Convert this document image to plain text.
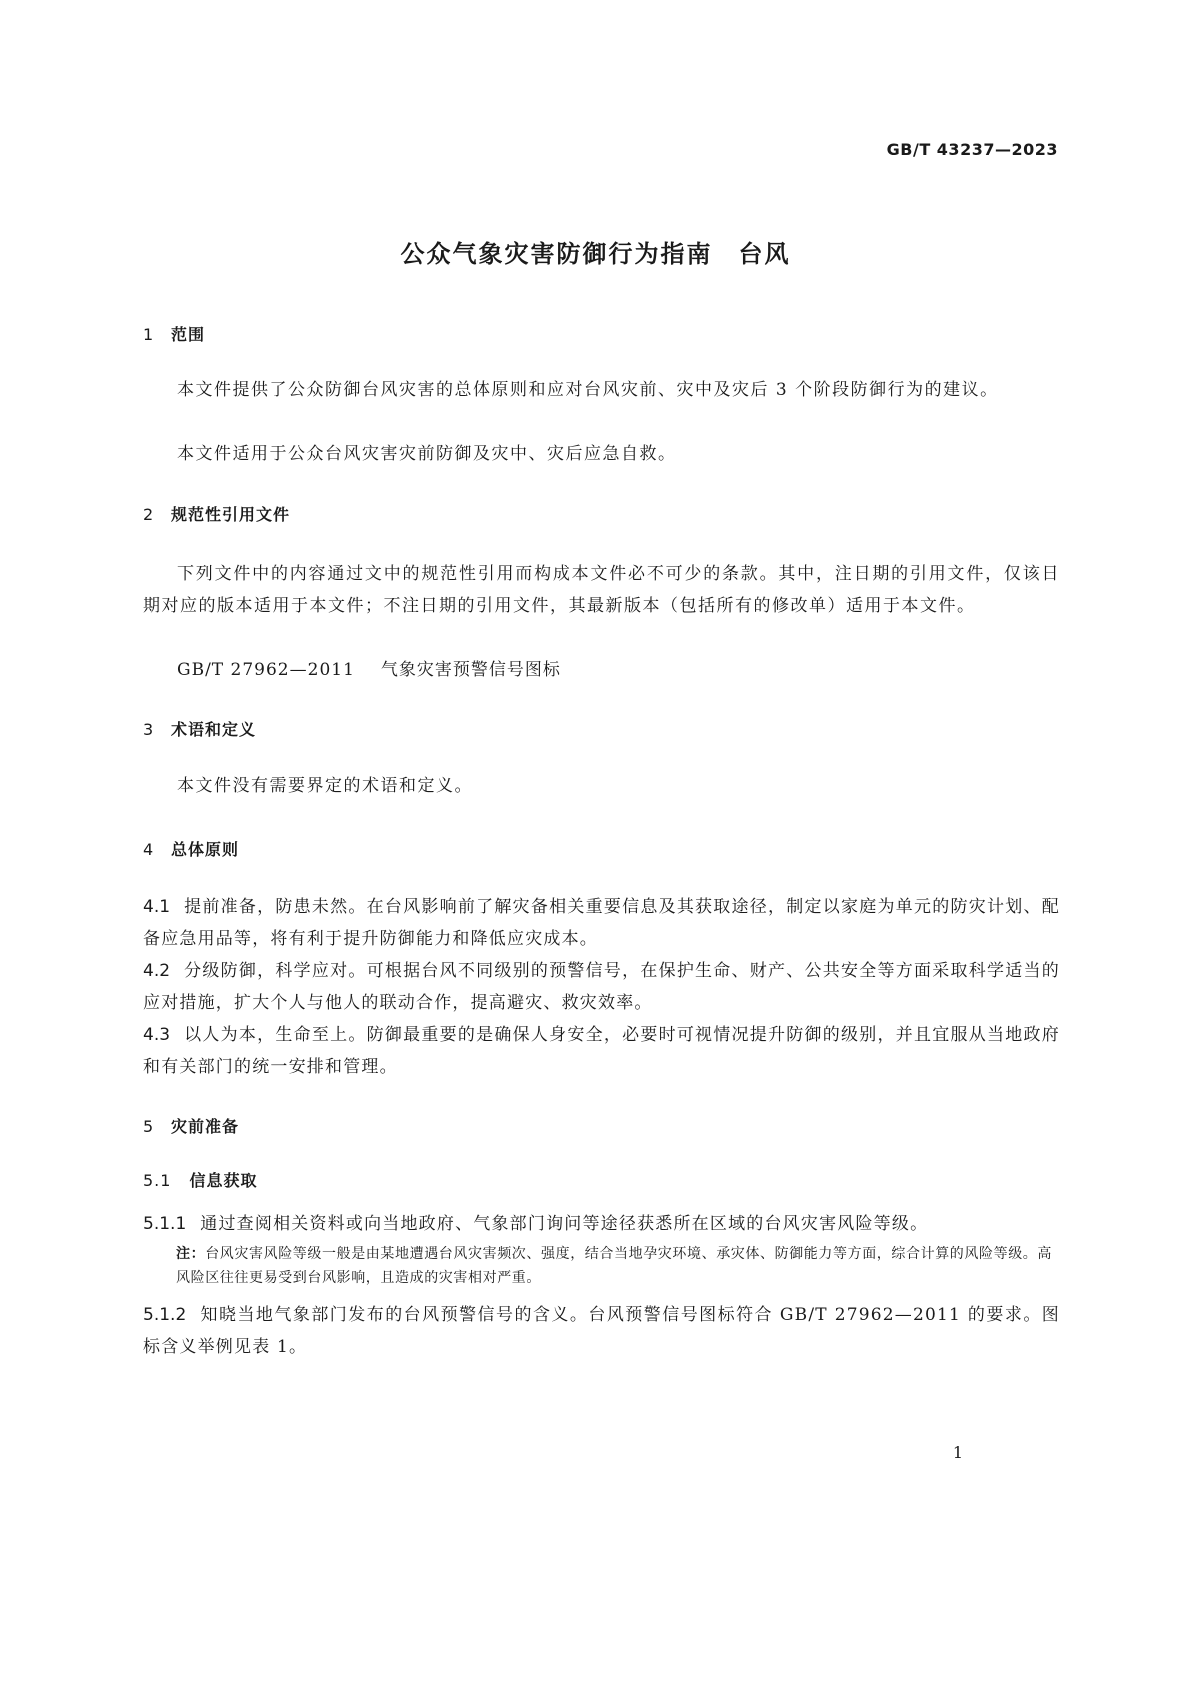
GB/T 43237—2023
公众气象灾害防御行为指南　台风
1 范围
本文件提供了公众防御台风灾害的总体原则和应对台风灾前、灾中及灾后 3 个阶段防御行为的建议。
本文件适用于公众台风灾害灾前防御及灾中、灾后应急自救。
2 规范性引用文件
下列文件中的内容通过文中的规范性引用而构成本文件必不可少的条款。其中，注日期的引用文件，仅该日期对应的版本适用于本文件；不注日期的引用文件，其最新版本（包括所有的修改单）适用于本文件。
GB/T 27962—2011 气象灾害预警信号图标
3 术语和定义
本文件没有需要界定的术语和定义。
4 总体原则
4.1 提前准备，防患未然。在台风影响前了解灾备相关重要信息及其获取途径，制定以家庭为单元的防灾计划、配备应急用品等，将有利于提升防御能力和降低应灾成本。
4.2 分级防御，科学应对。可根据台风不同级别的预警信号，在保护生命、财产、公共安全等方面采取科学适当的应对措施，扩大个人与他人的联动合作，提高避灾、救灾效率。
4.3 以人为本，生命至上。防御最重要的是确保人身安全，必要时可视情况提升防御的级别，并且宜服从当地政府和有关部门的统一安排和管理。
5 灾前准备
5.1 信息获取
5.1.1 通过查阅相关资料或向当地政府、气象部门询问等途径获悉所在区域的台风灾害风险等级。
注：台风灾害风险等级一般是由某地遭遇台风灾害频次、强度，结合当地孕灾环境、承灾体、防御能力等方面，综合计算的风险等级。高风险区往往更易受到台风影响，且造成的灾害相对严重。
5.1.2 知晓当地气象部门发布的台风预警信号的含义。台风预警信号图标符合 GB/T 27962—2011 的要求。图标含义举例见表 1。
1
